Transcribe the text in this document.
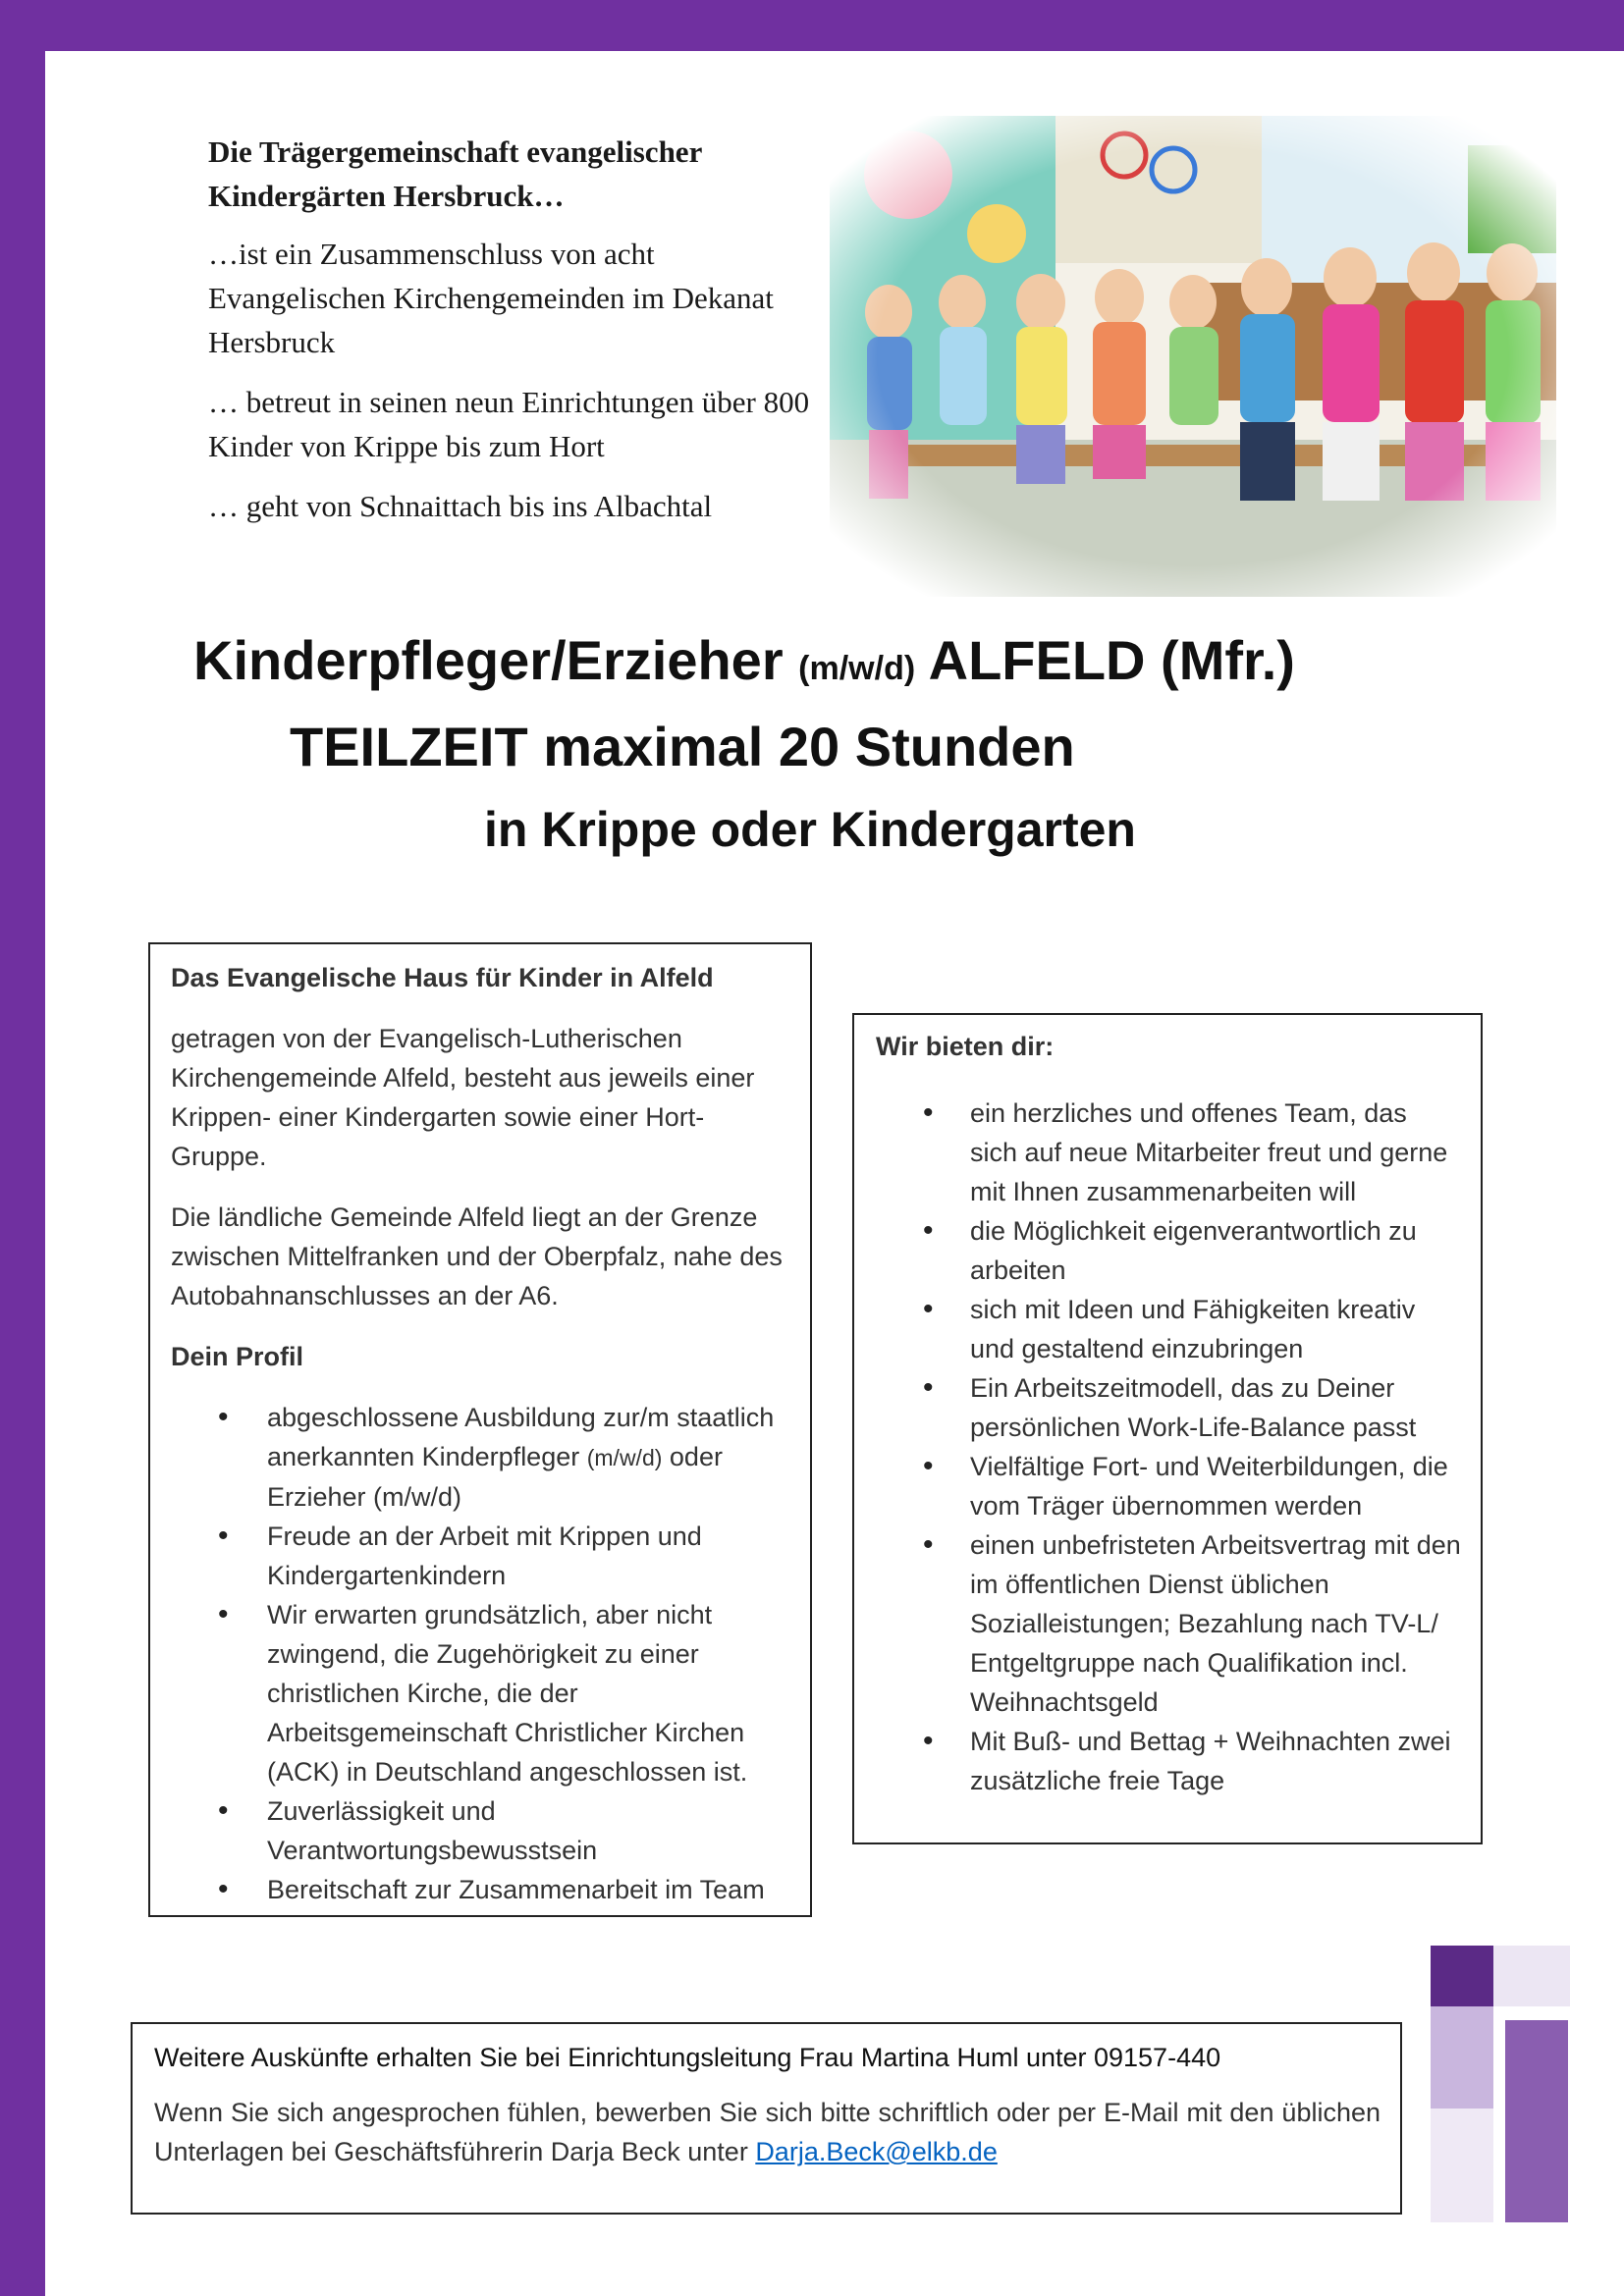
Die Trägergemeinschaft evangelischer Kindergärten Hersbruck…

…ist ein Zusammenschluss von acht Evangelischen Kirchengemeinden im Dekanat Hersbruck

… betreut in seinen neun Einrichtungen über 800 Kinder von Krippe bis zum Hort

… geht von Schnaittach bis ins Albachtal

Kinderpfleger/Erzieher (m/w/d) ALFELD (Mfr.)
TEILZEIT maximal 20 Stunden
in Krippe oder Kindergarten
Das Evangelische Haus für Kinder in Alfeld

getragen von der Evangelisch-Lutherischen Kirchengemeinde Alfeld, besteht aus jeweils einer Krippen- einer Kindergarten sowie einer Hort-Gruppe.

Die ländliche Gemeinde Alfeld liegt an der Grenze zwischen Mittelfranken und der Oberpfalz, nahe des Autobahnanschlusses an der A6.

Dein Profil
• abgeschlossene Ausbildung zur/m staatlich anerkannten Kinderpfleger (m/w/d) oder Erzieher (m/w/d)
• Freude an der Arbeit mit Krippen und Kindergartenkindern
• Wir erwarten grundsätzlich, aber nicht zwingend, die Zugehörigkeit zu einer christlichen Kirche, die der Arbeitsgemeinschaft Christlicher Kirchen (ACK) in Deutschland angeschlossen ist.
• Zuverlässigkeit und Verantwortungsbewusstsein
• Bereitschaft zur Zusammenarbeit im Team
Wir bieten dir:
• ein herzliches und offenes Team, das sich auf neue Mitarbeiter freut und gerne mit Ihnen zusammenarbeiten will
• die Möglichkeit eigenverantwortlich zu arbeiten
• sich mit Ideen und Fähigkeiten kreativ und gestaltend einzubringen
• Ein Arbeitszeitmodell, das zu Deiner persönlichen Work-Life-Balance passt
• Vielfältige Fort- und Weiterbildungen, die vom Träger übernommen werden
• einen unbefristeten Arbeitsvertrag mit den im öffentlichen Dienst üblichen Sozialleistungen; Bezahlung nach TV-L/ Entgeltgruppe nach Qualifikation incl. Weihnachtsgeld
• Mit Buß- und Bettag + Weihnachten zwei zusätzliche freie Tage

Weitere Auskünfte erhalten Sie bei Einrichtungsleitung Frau Martina Huml unter 09157-440

Wenn Sie sich angesprochen fühlen, bewerben Sie sich bitte schriftlich oder per E-Mail mit den üblichen Unterlagen bei Geschäftsführerin Darja Beck unter Darja.Beck@elkb.de
